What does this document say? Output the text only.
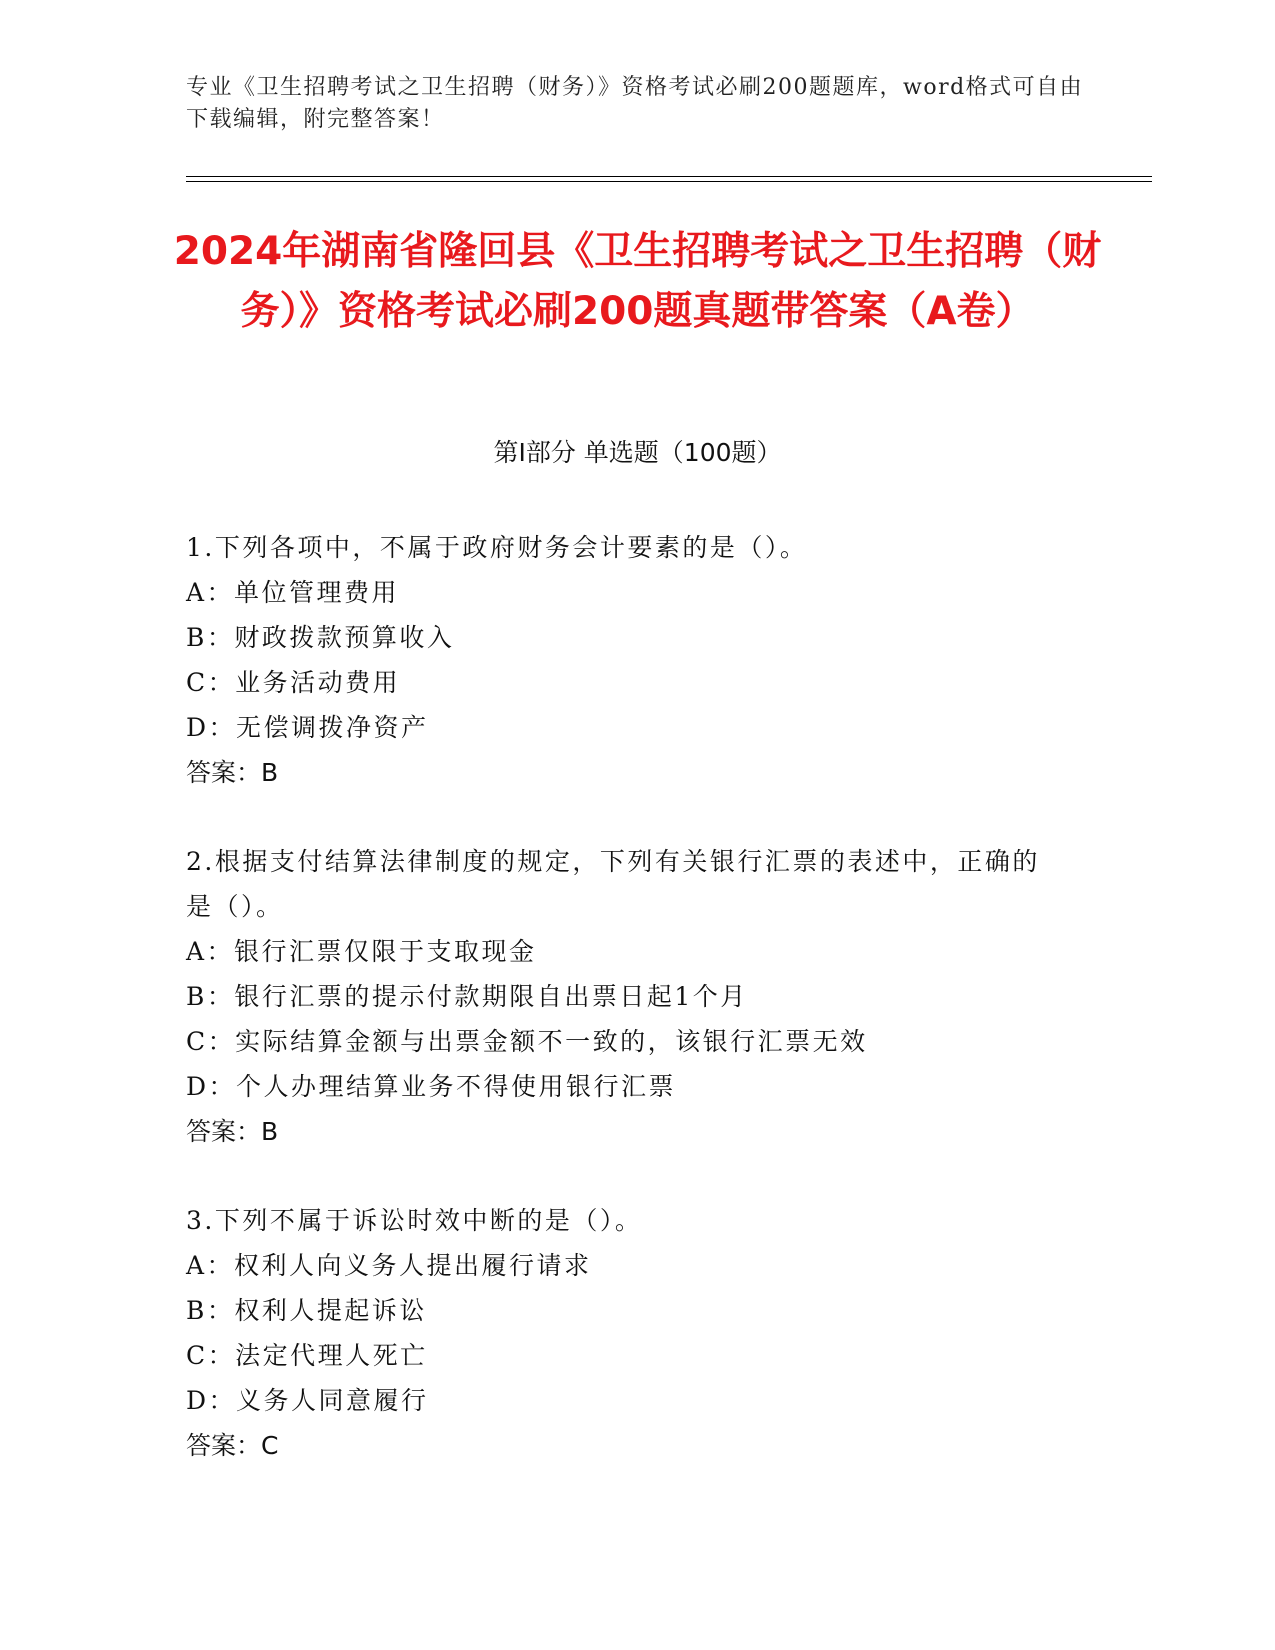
专业《卫生招聘考试之卫生招聘（财务）》资格考试必刷200题题库，word格式可自由下载编辑，附完整答案！
2024年湖南省隆回县《卫生招聘考试之卫生招聘（财务）》资格考试必刷200题真题带答案（A卷）
第Ⅰ部分 单选题（100题）
1.下列各项中，不属于政府财务会计要素的是（）。
A：单位管理费用
B：财政拨款预算收入
C：业务活动费用
D：无偿调拨净资产
答案：B
2.根据支付结算法律制度的规定，下列有关银行汇票的表述中，正确的是（）。
A：银行汇票仅限于支取现金
B：银行汇票的提示付款期限自出票日起1个月
C：实际结算金额与出票金额不一致的，该银行汇票无效
D：个人办理结算业务不得使用银行汇票
答案：B
3.下列不属于诉讼时效中断的是（）。
A：权利人向义务人提出履行请求
B：权利人提起诉讼
C：法定代理人死亡
D：义务人同意履行
答案：C
